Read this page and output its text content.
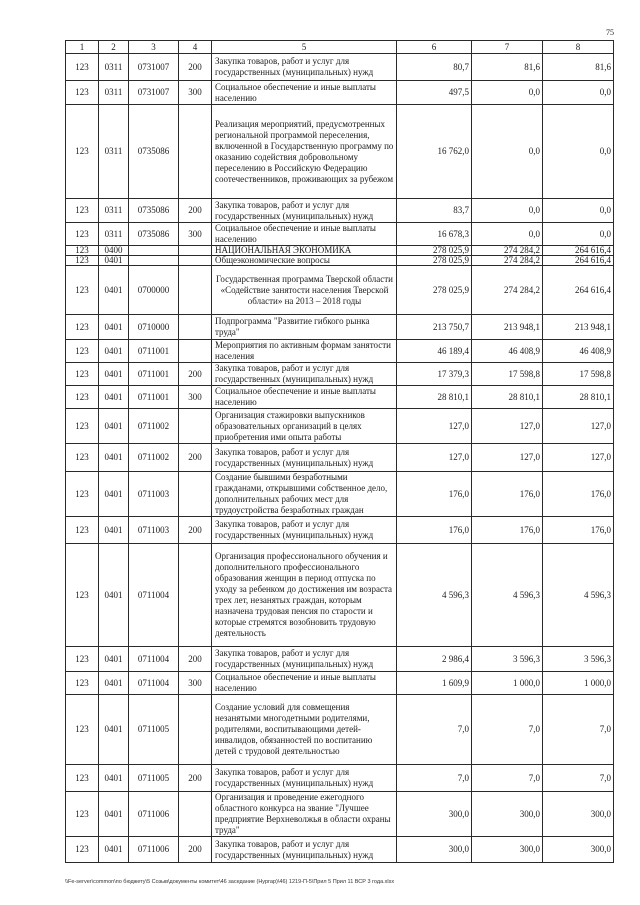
75
1	2	3	4	5	6	7	8
123	0311	0731007	200	Закупка товаров, работ и услуг для государственных (муниципальных) нужд	80,7	81,6	81,6
123	0311	0731007	300	Социальное обеспечение и иные выплаты населению	497,5	0,0	0,0
123	0311	0735086		Реализация мероприятий, предусмотренных региональной программой переселения, включенной в Государственную программу по оказанию содействия добровольному переселению в Российскую Федерацию соотечественников, проживающих за рубежом	16 762,0	0,0	0,0
123	0311	0735086	200	Закупка товаров, работ и услуг для государственных (муниципальных) нужд	83,7	0,0	0,0
123	0311	0735086	300	Социальное обеспечение и иные выплаты населению	16 678,3	0,0	0,0
123	0400			НАЦИОНАЛЬНАЯ ЭКОНОМИКА	278 025,9	274 284,2	264 616,4
123	0401			Общеэкономические вопросы	278 025,9	274 284,2	264 616,4
123	0401	0700000		Государственная программа Тверской области «Содействие занятости населения Тверской области» на 2013 – 2018 годы	278 025,9	274 284,2	264 616,4
123	0401	0710000		Подпрограмма "Развитие гибкого рынка труда"	213 750,7	213 948,1	213 948,1
123	0401	0711001		Мероприятия по активным формам занятости населения	46 189,4	46 408,9	46 408,9
123	0401	0711001	200	Закупка товаров, работ и услуг для государственных (муниципальных) нужд	17 379,3	17 598,8	17 598,8
123	0401	0711001	300	Социальное обеспечение и иные выплаты населению	28 810,1	28 810,1	28 810,1
123	0401	0711002		Организация стажировки выпускников образовательных организаций в целях приобретения ими опыта работы	127,0	127,0	127,0
123	0401	0711002	200	Закупка товаров, работ и услуг для государственных (муниципальных) нужд	127,0	127,0	127,0
123	0401	0711003		Создание бывшими безработными гражданами, открывшими собственное дело, дополнительных рабочих мест для трудоустройства безработных граждан	176,0	176,0	176,0
123	0401	0711003	200	Закупка товаров, работ и услуг для государственных (муниципальных) нужд	176,0	176,0	176,0
123	0401	0711004		Организация профессионального обучения и дополнительного профессионального образования женщин в период отпуска по уходу за ребенком до достижения им возраста трех лет, незанятых граждан, которым назначена трудовая пенсия по старости и которые стремятся возобновить трудовую деятельность	4 596,3	4 596,3	4 596,3
123	0401	0711004	200	Закупка товаров, работ и услуг для государственных (муниципальных) нужд	2 986,4	3 596,3	3 596,3
123	0401	0711004	300	Социальное обеспечение и иные выплаты населению	1 609,9	1 000,0	1 000,0
123	0401	0711005		Создание условий для совмещения незанятыми многодетными родителями, родителями, воспитывающими детей-инвалидов, обязанностей по воспитанию детей с трудовой деятельностью	7,0	7,0	7,0
123	0401	0711005	200	Закупка товаров, работ и услуг для государственных (муниципальных) нужд	7,0	7,0	7,0
123	0401	0711006		Организация и проведение ежегодного областного конкурса на звание "Лучшее предприятие Верхневолжья в области охраны труда"	300,0	300,0	300,0
123	0401	0711006	200	Закупка товаров, работ и услуг для государственных (муниципальных) нужд	300,0	300,0	300,0
\\Fe-server\common\по бюджету\5 Созыв\документы комитет\46 заседание (Нургар)\46) 1219-П-5\Прил 5 Прил 11 ВСР 3 года.xlsx
